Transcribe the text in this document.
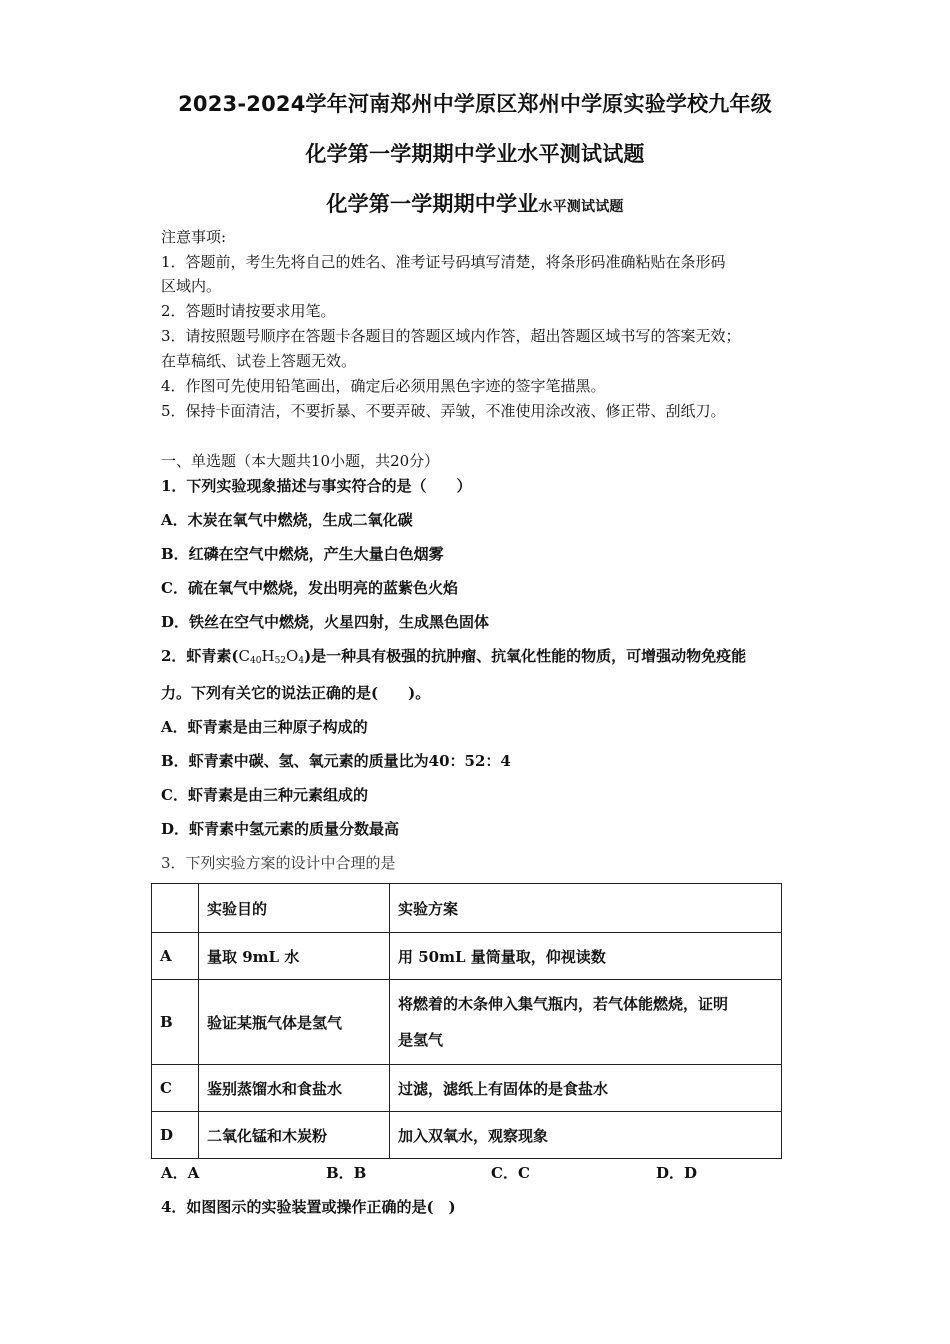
2023-2024学年河南郑州中学原区郑州中学原实验学校九年级
化学第一学期期中学业水平测试试题
化学第一学期期中学业水平测试试题
注意事项:
1．答题前，考生先将自己的姓名、准考证号码填写清楚，将条形码准确粘贴在条形码
区域内。
2．答题时请按要求用笔。
3．请按照题号顺序在答题卡各题目的答题区域内作答，超出答题区域书写的答案无效；
在草稿纸、试卷上答题无效。
4．作图可先使用铅笔画出，确定后必须用黑色字迹的签字笔描黑。
5．保持卡面清洁，不要折暴、不要弄破、弄皱，不准使用涂改液、修正带、刮纸刀。
一、单选题（本大题共10小题，共20分）
1．下列实验现象描述与事实符合的是（　　）
A．木炭在氧气中燃烧，生成二氧化碳
B．红磷在空气中燃烧，产生大量白色烟雾
C．硫在氧气中燃烧，发出明亮的蓝紫色火焰
D．铁丝在空气中燃烧，火星四射，生成黑色固体
2．虾青素$(C_{40}H_{52}O_4)$是一种具有极强的抗肿瘤、抗氧化性能的物质，可增强动物免疫能
力。下列有关它的说法正确的是(　　)。
A．虾青素是由三种原子构成的
B．虾青素中碳、氢、氧元素的质量比为40：52：4
C．虾青素是由三种元素组成的
D．虾青素中氢元素的质量分数最高
3．下列实验方案的设计中合理的是
	实验目的	实验方案
A	量取 9mL 水	用 50mL 量筒量取，仰视读数
B	验证某瓶气体是氢气	将燃着的木条伸入集气瓶内，若气体能燃烧，证明
是氢气

C	鉴别蒸馏水和食盐水	过滤，滤纸上有固体的是食盐水
D	二氧化锰和木炭粉	加入双氧水，观察现象
A．A	B．B	C．C	D．D
4．如图图示的实验装置或操作正确的是(　)
